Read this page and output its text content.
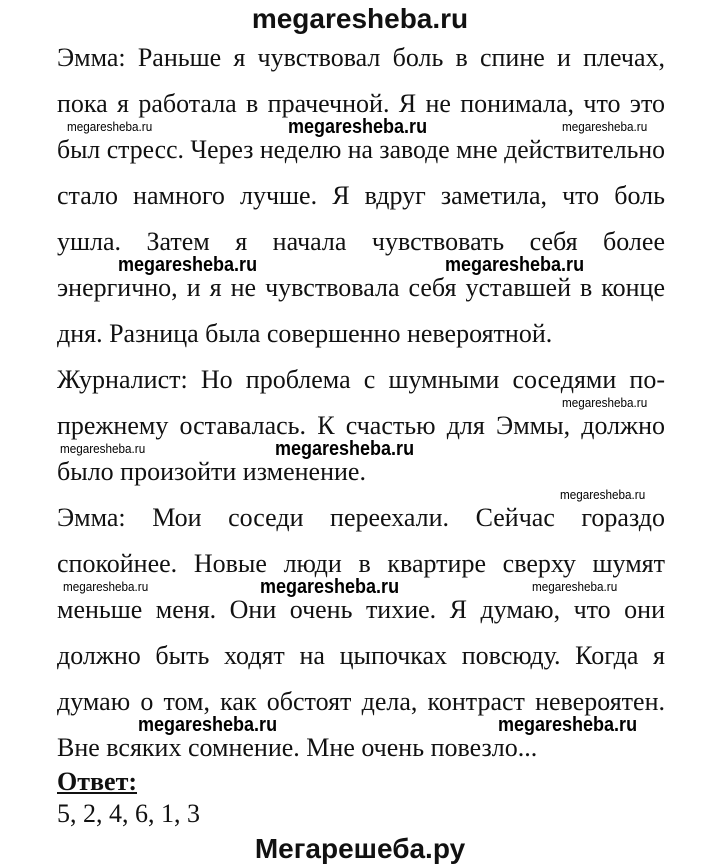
megaresheba.ru
Эмма: Раньше я чувствовал боль в спине и плечах,
пока я работала в прачечной. Я не понимала, что это
был стресс. Через неделю на заводе мне действительно
стало намного лучше. Я вдруг заметила, что боль
ушла. Затем я начала чувствовать себя более
энергично, и я не чувствовала себя уставшей в конце
дня. Разница была совершенно невероятной.
Журналист: Но проблема с шумными соседями по-
прежнему оставалась. К счастью для Эммы, должно
было произойти изменение.
Эмма: Мои соседи переехали. Сейчас гораздо
спокойнее. Новые люди в квартире сверху шумят
меньше меня. Они очень тихие. Я думаю, что они
должно быть ходят на цыпочках повсюду. Когда я
думаю о том, как обстоят дела, контраст невероятен.
Вне всяких сомнение. Мне очень повезло...
megaresheba.ru	megaresheba.ru	megaresheba.ru
megaresheba.ru	megaresheba.ru
megaresheba.ru
megaresheba.ru	megaresheba.ru
megaresheba.ru
megaresheba.ru	megaresheba.ru	megaresheba.ru
megaresheba.ru	megaresheba.ru
Ответ:
5, 2, 4, 6, 1, 3
Мегарешеба.ру
